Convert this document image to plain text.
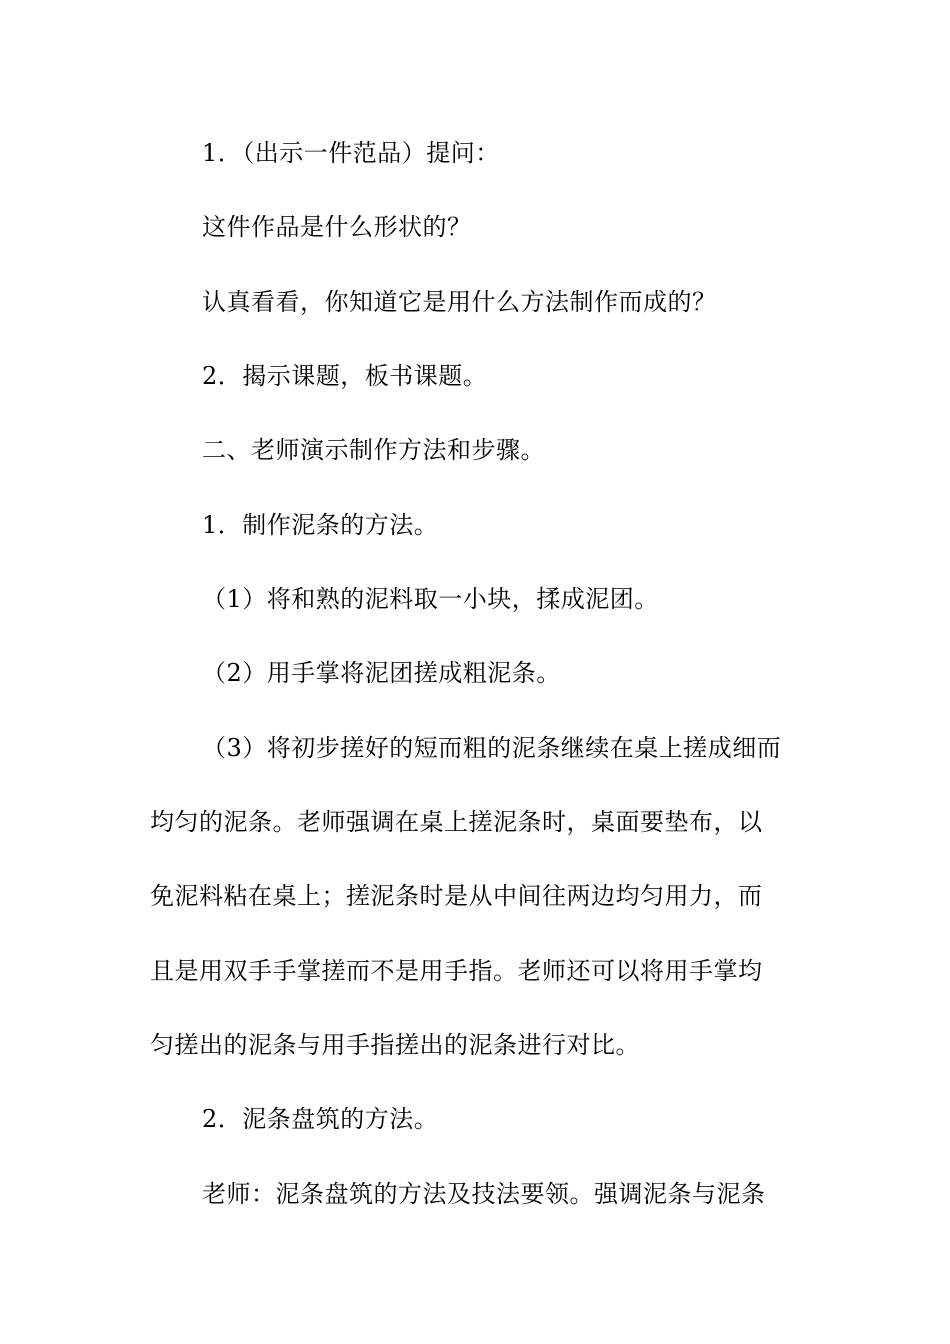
1．（出示一件范品）提问：
这件作品是什么形状的？
认真看看，你知道它是用什么方法制作而成的？
2．揭示课题，板书课题。
二、老师演示制作方法和步骤。
1．制作泥条的方法。
（1）将和熟的泥料取一小块，揉成泥团。
（2）用手掌将泥团搓成粗泥条。
（3）将初步搓好的短而粗的泥条继续在桌上搓成细而
均匀的泥条。老师强调在桌上搓泥条时，桌面要垫布，以
免泥料粘在桌上；搓泥条时是从中间往两边均匀用力，而
且是用双手手掌搓而不是用手指。老师还可以将用手掌均
匀搓出的泥条与用手指搓出的泥条进行对比。
2．泥条盘筑的方法。
老师：泥条盘筑的方法及技法要领。强调泥条与泥条
